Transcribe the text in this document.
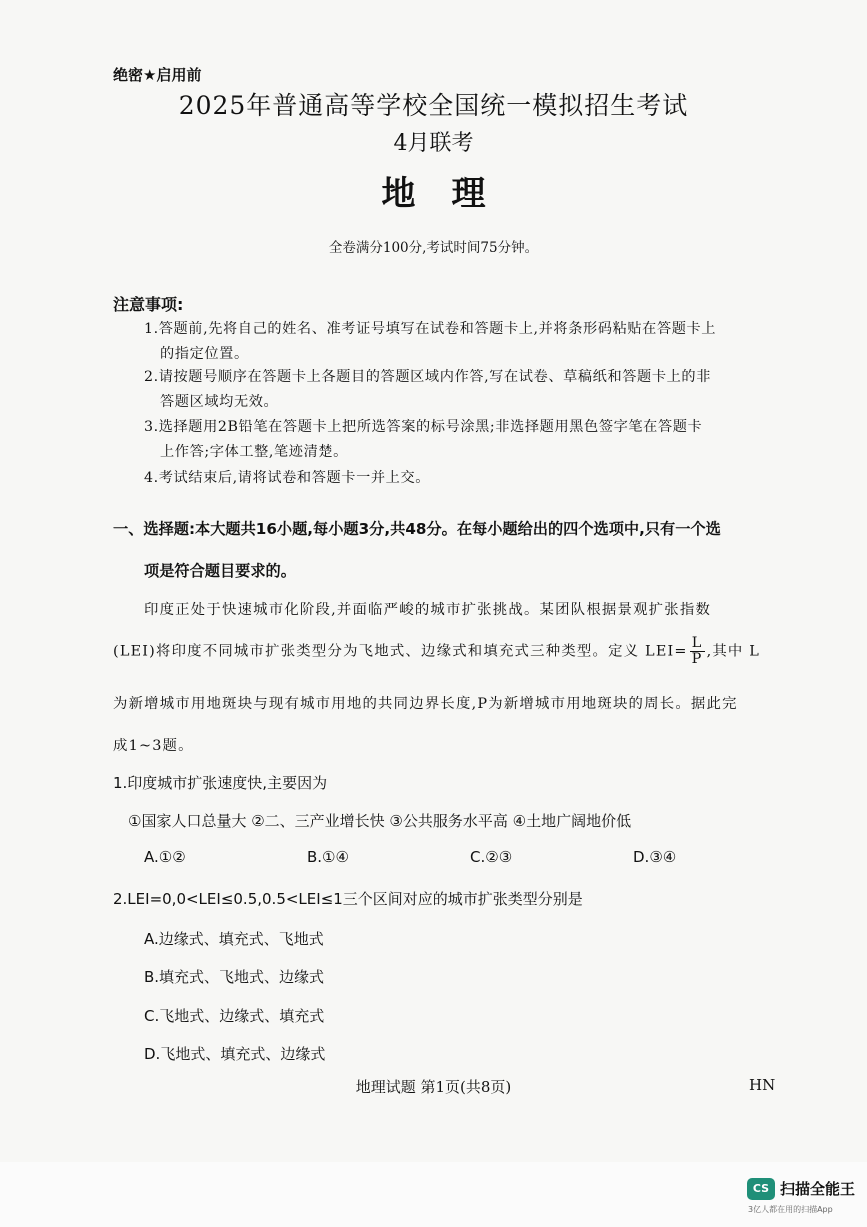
绝密★启用前
2025年普通高等学校全国统一模拟招生考试
4月联考
地理
全卷满分100分,考试时间75分钟。
注意事项:
1.答题前,先将自己的姓名、准考证号填写在试卷和答题卡上,并将条形码粘贴在答题卡上
的指定位置。
2.请按题号顺序在答题卡上各题目的答题区域内作答,写在试卷、草稿纸和答题卡上的非
答题区域均无效。
3.选择题用2B铅笔在答题卡上把所选答案的标号涂黑;非选择题用黑色签字笔在答题卡
上作答;字体工整,笔迹清楚。
4.考试结束后,请将试卷和答题卡一并上交。
一、选择题:本大题共16小题,每小题3分,共48分。在每小题给出的四个选项中,只有一个选
项是符合题目要求的。
印度正处于快速城市化阶段,并面临严峻的城市扩张挑战。某团队根据景观扩张指数
(LEI)将印度不同城市扩张类型分为飞地式、边缘式和填充式三种类型。定义 $LEI= \frac{L}{P}$ ,其中 L
为新增城市用地斑块与现有城市用地的共同边界长度,P为新增城市用地斑块的周长。据此完
成1~3题。
1.印度城市扩张速度快,主要因为
①国家人口总量大 ②二、三产业增长快 ③公共服务水平高 ④土地广阔地价低
A.①②	B.①④	C.②③	D.③④
2.LEI=0,0<LEI≤0.5,0.5<LEI≤1三个区间对应的城市扩张类型分别是
A.边缘式、填充式、飞地式
B.填充式、飞地式、边缘式
C.飞地式、边缘式、填充式
D.飞地式、填充式、边缘式
地理试题 第1页(共8页)	HN
CS 扫描全能王
3亿人都在用的扫描App
